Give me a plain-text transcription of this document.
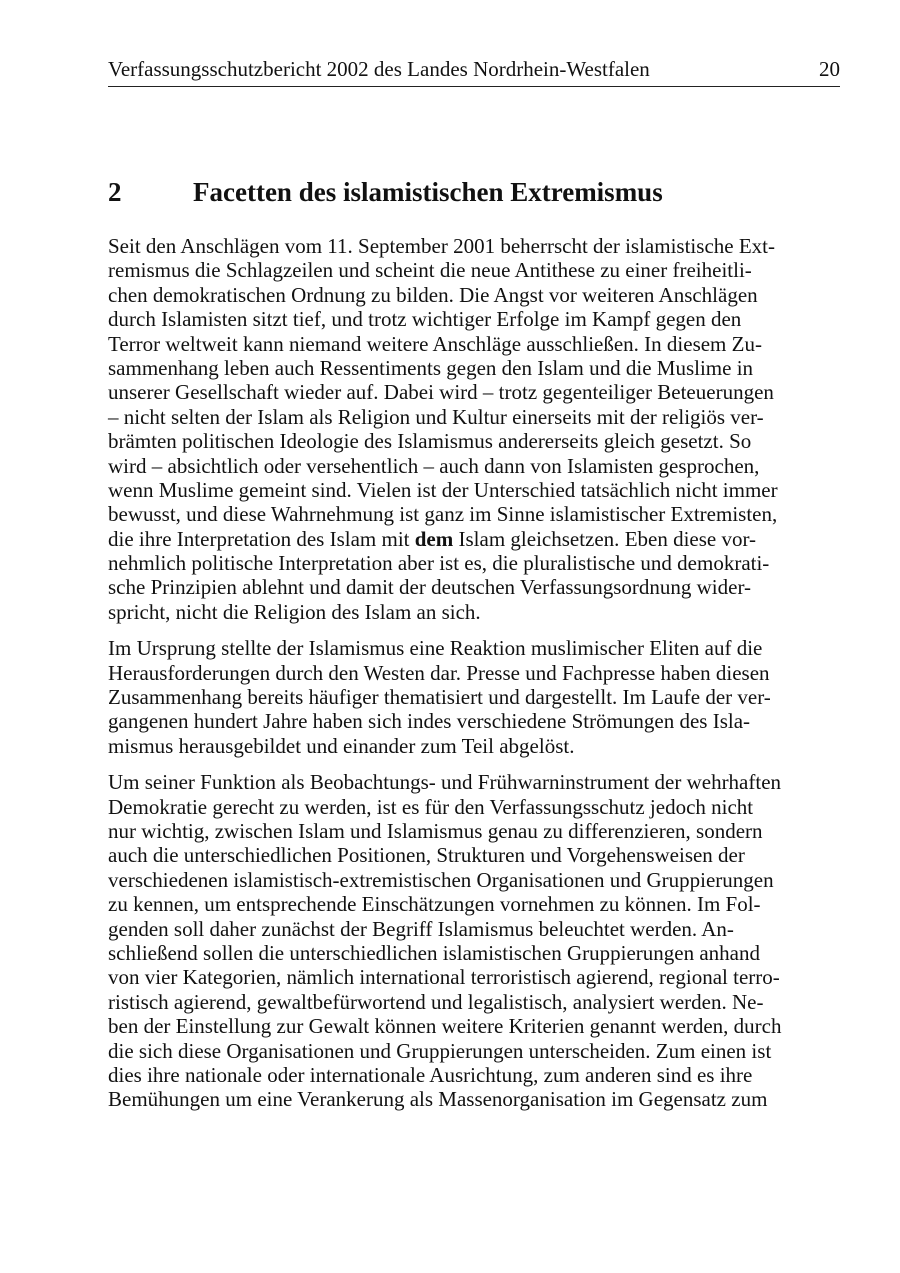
Verfassungsschutzbericht 2002 des Landes Nordrhein-Westfalen	20
2	Facetten des islamistischen Extremismus

Seit den Anschlägen vom 11. September 2001 beherrscht der islamistische Ext-
remismus die Schlagzeilen und scheint die neue Antithese zu einer freiheitli-
chen demokratischen Ordnung zu bilden. Die Angst vor weiteren Anschlägen
durch Islamisten sitzt tief, und trotz wichtiger Erfolge im Kampf gegen den
Terror weltweit kann niemand weitere Anschläge ausschließen. In diesem Zu-
sammenhang leben auch Ressentiments gegen den Islam und die Muslime in
unserer Gesellschaft wieder auf. Dabei wird – trotz gegenteiliger Beteuerungen
– nicht selten der Islam als Religion und Kultur einerseits mit der religiös ver-
brämten politischen Ideologie des Islamismus andererseits gleich gesetzt. So
wird – absichtlich oder versehentlich – auch dann von Islamisten gesprochen,
wenn Muslime gemeint sind. Vielen ist der Unterschied tatsächlich nicht immer
bewusst, und diese Wahrnehmung ist ganz im Sinne islamistischer Extremisten,
die ihre Interpretation des Islam mit dem Islam gleichsetzen. Eben diese vor-
nehmlich politische Interpretation aber ist es, die pluralistische und demokrati-
sche Prinzipien ablehnt und damit der deutschen Verfassungsordnung wider-
spricht, nicht die Religion des Islam an sich.

Im Ursprung stellte der Islamismus eine Reaktion muslimischer Eliten auf die
Herausforderungen durch den Westen dar. Presse und Fachpresse haben diesen
Zusammenhang bereits häufiger thematisiert und dargestellt. Im Laufe der ver-
gangenen hundert Jahre haben sich indes verschiedene Strömungen des Isla-
mismus herausgebildet und einander zum Teil abgelöst.

Um seiner Funktion als Beobachtungs- und Frühwarninstrument der wehrhaften
Demokratie gerecht zu werden, ist es für den Verfassungsschutz jedoch nicht
nur wichtig, zwischen Islam und Islamismus genau zu differenzieren, sondern
auch die unterschiedlichen Positionen, Strukturen und Vorgehensweisen der
verschiedenen islamistisch-extremistischen Organisationen und Gruppierungen
zu kennen, um entsprechende Einschätzungen vornehmen zu können. Im Fol-
genden soll daher zunächst der Begriff Islamismus beleuchtet werden. An-
schließend sollen die unterschiedlichen islamistischen Gruppierungen anhand
von vier Kategorien, nämlich international terroristisch agierend, regional terro-
ristisch agierend, gewaltbefürwortend und legalistisch, analysiert werden. Ne-
ben der Einstellung zur Gewalt können weitere Kriterien genannt werden, durch
die sich diese Organisationen und Gruppierungen unterscheiden. Zum einen ist
dies ihre nationale oder internationale Ausrichtung, zum anderen sind es ihre
Bemühungen um eine Verankerung als Massenorganisation im Gegensatz zum
